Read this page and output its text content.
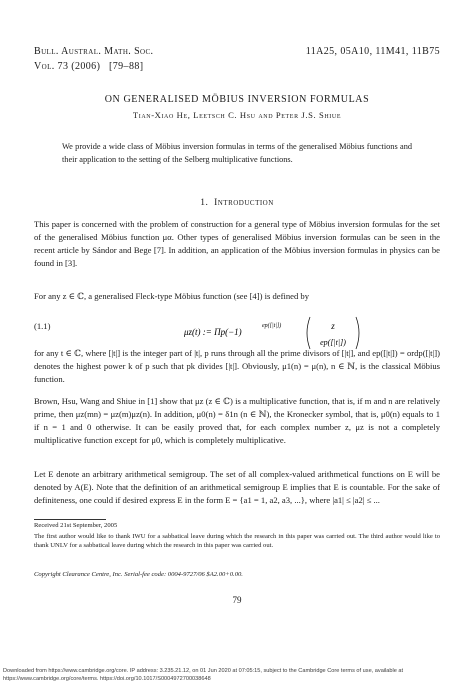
Bull. Austral. Math. Soc.	11A25, 05A10, 11M41, 11B75
Vol. 73 (2006) [79–88]
ON GENERALISED MÖBIUS INVERSION FORMULAS
Tian-Xiao He, Leetsch C. Hsu and Peter J.S. Shiue
We provide a wide class of Möbius inversion formulas in terms of the generalised Möbius functions and their application to the setting of the Selberg multiplicative functions.
1. Introduction
This paper is concerned with the problem of construction for a general type of Möbius inversion formulas for the set of the generalised Möbius function μα. Other types of generalised Möbius inversion formulas can be seen in the recent article by Sándor and Bege [7]. In addition, an application of the Möbius inversion formulas in physics can be found in [3].
For any z ∈ ℂ, a generalised Fleck-type Möbius function (see [4]) is defined by
(1.1)
μz(t) := Πp(−1)
ep([|t|])	z
ep([|t|])
for any t ∈ ℂ, where [|t|] is the integer part of |t|, p runs through all the prime divisors of [|t|], and ep([|t|]) = ordp([|t|]) denotes the highest power k of p such that pk divides [|t|]. Obviously, μ1(n) = μ(n), n ∈ ℕ, is the classical Möbius function.
Brown, Hsu, Wang and Shiue in [1] show that μz (z ∈ ℂ) is a multiplicative function, that is, if m and n are relatively prime, then μz(mn) = μz(m)μz(n). In addition, μ0(n) = δ1n (n ∈ ℕ), the Kronecker symbol, that is, μ0(n) equals to 1 if n = 1 and 0 otherwise. It can be easily proved that, for each complex number z, μz is not a completely multiplicative function except for μ0, which is completely multiplicative.
Let E denote an arbitrary arithmetical semigroup. The set of all complex-valued arithmetical functions on E will be denoted by A(E). Note that the definition of an arithmetical semigroup E implies that E is countable. For the sake of definiteness, one could if desired express E in the form E = {a1 = 1, a2, a3, ...}, where |a1| ≤ |a2| ≤ ...
Received 21st September, 2005
The first author would like to thank IWU for a sabbatical leave during which the research in this paper was carried out. The third author would like to thank UNLV for a sabbatical leave during which the research in this paper was carried out.
Copyright Clearance Centre, Inc. Serial-fee code: 0004-9727/06 $A2.00+0.00.
79
Downloaded from https://www.cambridge.org/core. IP address: 3.235.21.12, on 01 Jun 2020 at 07:05:15, subject to the Cambridge Core terms of use, available at https://www.cambridge.org/core/terms. https://doi.org/10.1017/S0004972700038648
